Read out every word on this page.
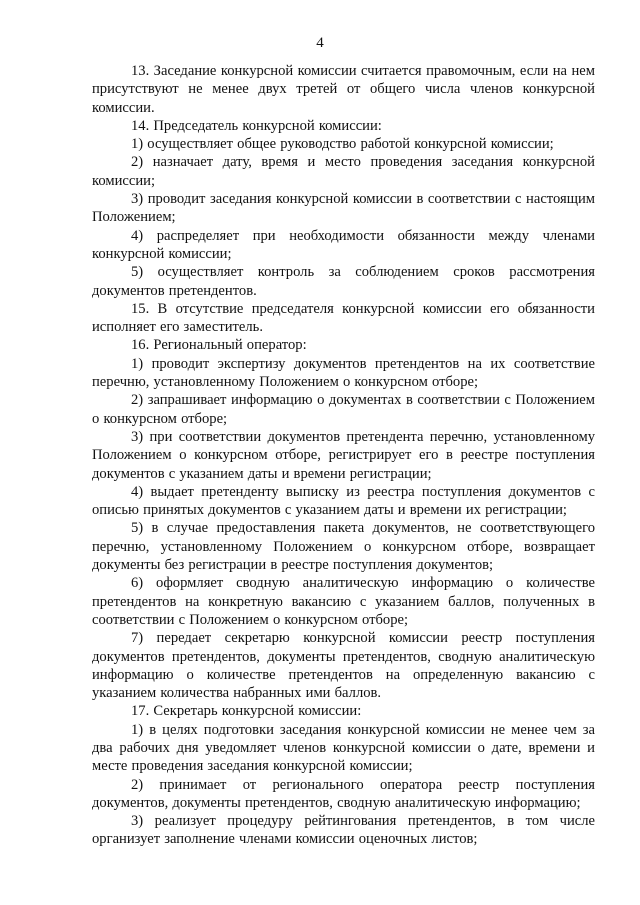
4

13. Заседание конкурсной комиссии считается правомочным, если на нем присутствуют не менее двух третей от общего числа членов конкурсной комиссии.

14. Председатель конкурсной комиссии:

1) осуществляет общее руководство работой конкурсной комиссии;

2) назначает дату, время и место проведения заседания конкурсной комиссии;

3) проводит заседания конкурсной комиссии в соответствии с настоящим Положением;

4) распределяет при необходимости обязанности между членами конкурсной комиссии;

5) осуществляет контроль за соблюдением сроков рассмотрения документов претендентов.

15. В отсутствие председателя конкурсной комиссии его обязанности исполняет его заместитель.

16. Региональный оператор:

1) проводит экспертизу документов претендентов на их соответствие перечню, установленному Положением о конкурсном отборе;

2) запрашивает информацию о документах в соответствии с Положением о конкурсном отборе;

3) при соответствии документов претендента перечню, установленному Положением о конкурсном отборе, регистрирует его в реестре поступления документов с указанием даты и времени регистрации;

4) выдает претенденту выписку из реестра поступления документов с описью принятых документов с указанием даты и времени их регистрации;

5) в случае предоставления пакета документов, не соответствующего перечню, установленному Положением о конкурсном отборе, возвращает документы без регистрации в реестре поступления документов;

6) оформляет сводную аналитическую информацию о количестве претендентов на конкретную вакансию с указанием баллов, полученных в соответствии с Положением о конкурсном отборе;

7) передает секретарю конкурсной комиссии реестр поступления документов претендентов, документы претендентов, сводную аналитическую информацию о количестве претендентов на определенную вакансию с указанием количества набранных ими баллов.

17. Секретарь конкурсной комиссии:

1) в целях подготовки заседания конкурсной комиссии не менее чем за два рабочих дня уведомляет членов конкурсной комиссии о дате, времени и месте проведения заседания конкурсной комиссии;

2) принимает от регионального оператора реестр поступления документов, документы претендентов, сводную аналитическую информацию;

3) реализует процедуру рейтингования претендентов, в том числе организует заполнение членами комиссии оценочных листов;
